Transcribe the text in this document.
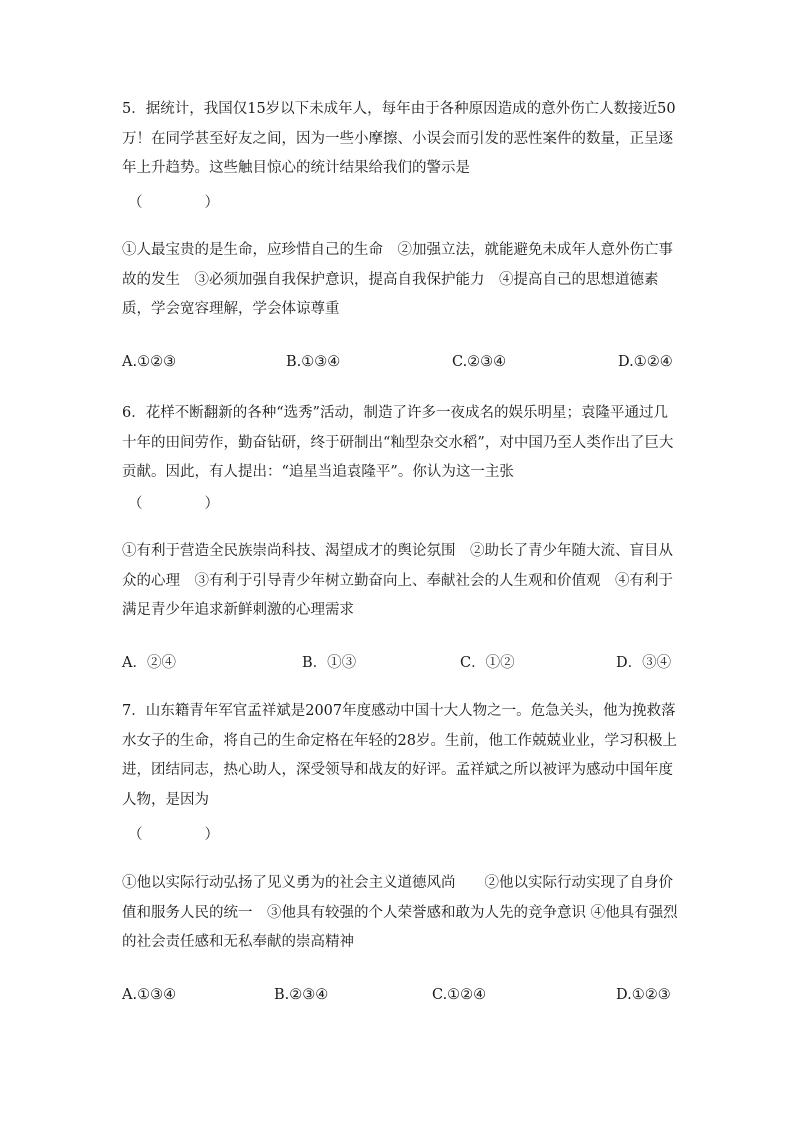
5．据统计，我国仅15岁以下未成年人，每年由于各种原因造成的意外伤亡人数接近50万！在同学甚至好友之间，因为一些小摩擦、小误会而引发的恶性案件的数量，正呈逐年上升趋势。这些触目惊心的统计结果给我们的警示是

（	）

①人最宝贵的是生命，应珍惜自己的生命　②加强立法，就能避免未成年人意外伤亡事故的发生　③必须加强自我保护意识，提高自我保护能力　④提高自己的思想道德素质，学会宽容理解，学会体谅尊重

A.①②③	B.①③④	C.②③④	D.①②④

6．花样不断翻新的各种“选秀”活动，制造了许多一夜成名的娱乐明星；袁隆平通过几十年的田间劳作，勤奋钻研，终于研制出“籼型杂交水稻”，对中国乃至人类作出了巨大贡献。因此，有人提出：“追星当追袁隆平”。你认为这一主张

（	）

①有利于营造全民族崇尚科技、渴望成才的舆论氛围　②助长了青少年随大流、盲目从众的心理　③有利于引导青少年树立勤奋向上、奉献社会的人生观和价值观　④有利于满足青少年追求新鲜刺激的心理需求

A．②④	B．①③	C．①②	D．③④

7．山东籍青年军官孟祥斌是2007年度感动中国十大人物之一。危急关头，他为挽救落水女子的生命，将自己的生命定格在年轻的28岁。生前，他工作兢兢业业，学习积极上进，团结同志，热心助人，深受领导和战友的好评。孟祥斌之所以被评为感动中国年度人物，是因为

（	）

①他以实际行动弘扬了见义勇为的社会主义道德风尚　　②他以实际行动实现了自身价值和服务人民的统一　③他具有较强的个人荣誉感和敢为人先的竞争意识 ④他具有强烈的社会责任感和无私奉献的崇高精神

A.①③④	B.②③④	C.①②④	D.①②③
